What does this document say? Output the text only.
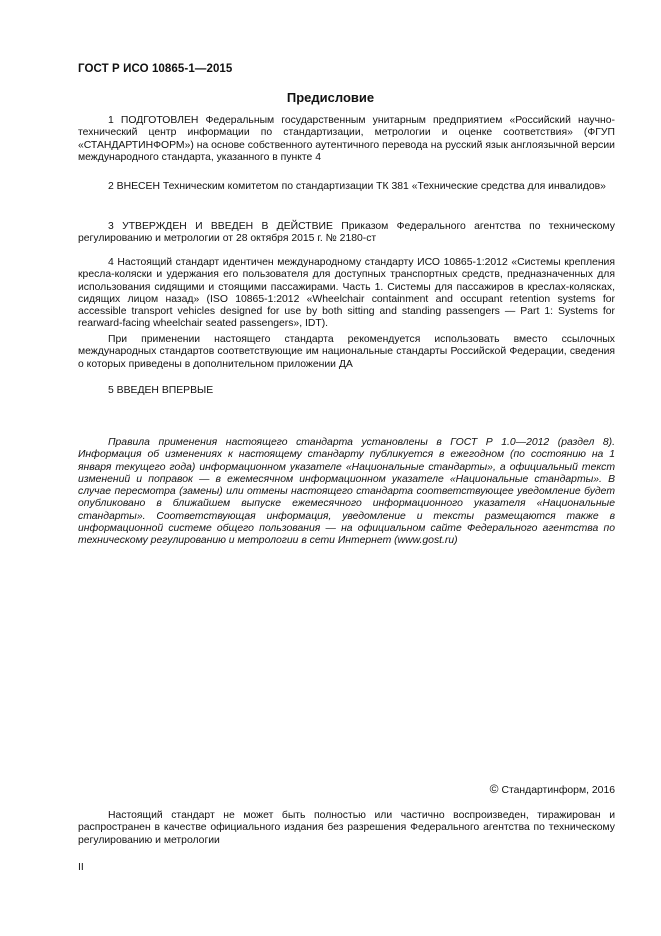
ГОСТ Р ИСО 10865-1—2015
Предисловие

1 ПОДГОТОВЛЕН Федеральным государственным унитарным предприятием «Российский научно-технический центр информации по стандартизации, метрологии и оценке соответствия» (ФГУП «СТАНДАРТИНФОРМ») на основе собственного аутентичного перевода на русский язык англоязычной версии международного стандарта, указанного в пункте 4

2 ВНЕСЕН Техническим комитетом по стандартизации ТК 381 «Технические средства для инвалидов»

3 УТВЕРЖДЕН И ВВЕДЕН В ДЕЙСТВИЕ Приказом Федерального агентства по техническому регулированию и метрологии от 28 октября 2015 г. № 2180-ст

4 Настоящий стандарт идентичен международному стандарту ИСО 10865-1:2012 «Системы крепления кресла-коляски и удержания его пользователя для доступных транспортных средств, предназначенных для использования сидящими и стоящими пассажирами. Часть 1. Системы для пассажиров в креслах-колясках, сидящих лицом назад» (ISO 10865-1:2012 «Wheelchair containment and occupant retention systems for accessible transport vehicles designed for use by both sitting and standing passengers — Part 1: Systems for rearward-facing wheelchair seated passengers», IDT).

При применении настоящего стандарта рекомендуется использовать вместо ссылочных международных стандартов соответствующие им национальные стандарты Российской Федерации, сведения о которых приведены в дополнительном приложении ДА

5 ВВЕДЕН ВПЕРВЫЕ

Правила применения настоящего стандарта установлены в ГОСТ Р 1.0—2012 (раздел 8). Информация об изменениях к настоящему стандарту публикуется в ежегодном (по состоянию на 1 января текущего года) информационном указателе «Национальные стандарты», а официальный текст изменений и поправок — в ежемесячном информационном указателе «Национальные стандарты». В случае пересмотра (замены) или отмены настоящего стандарта соответствующее уведомление будет опубликовано в ближайшем выпуске ежемесячного информационного указателя «Национальные стандарты». Соответствующая информация, уведомление и тексты размещаются также в информационной системе общего пользования — на официальном сайте Федерального агентства по техническому регулированию и метрологии в сети Интернет (www.gost.ru)

© Стандартинформ, 2016

Настоящий стандарт не может быть полностью или частично воспроизведен, тиражирован и распространен в качестве официального издания без разрешения Федерального агентства по техническому регулированию и метрологии

II
